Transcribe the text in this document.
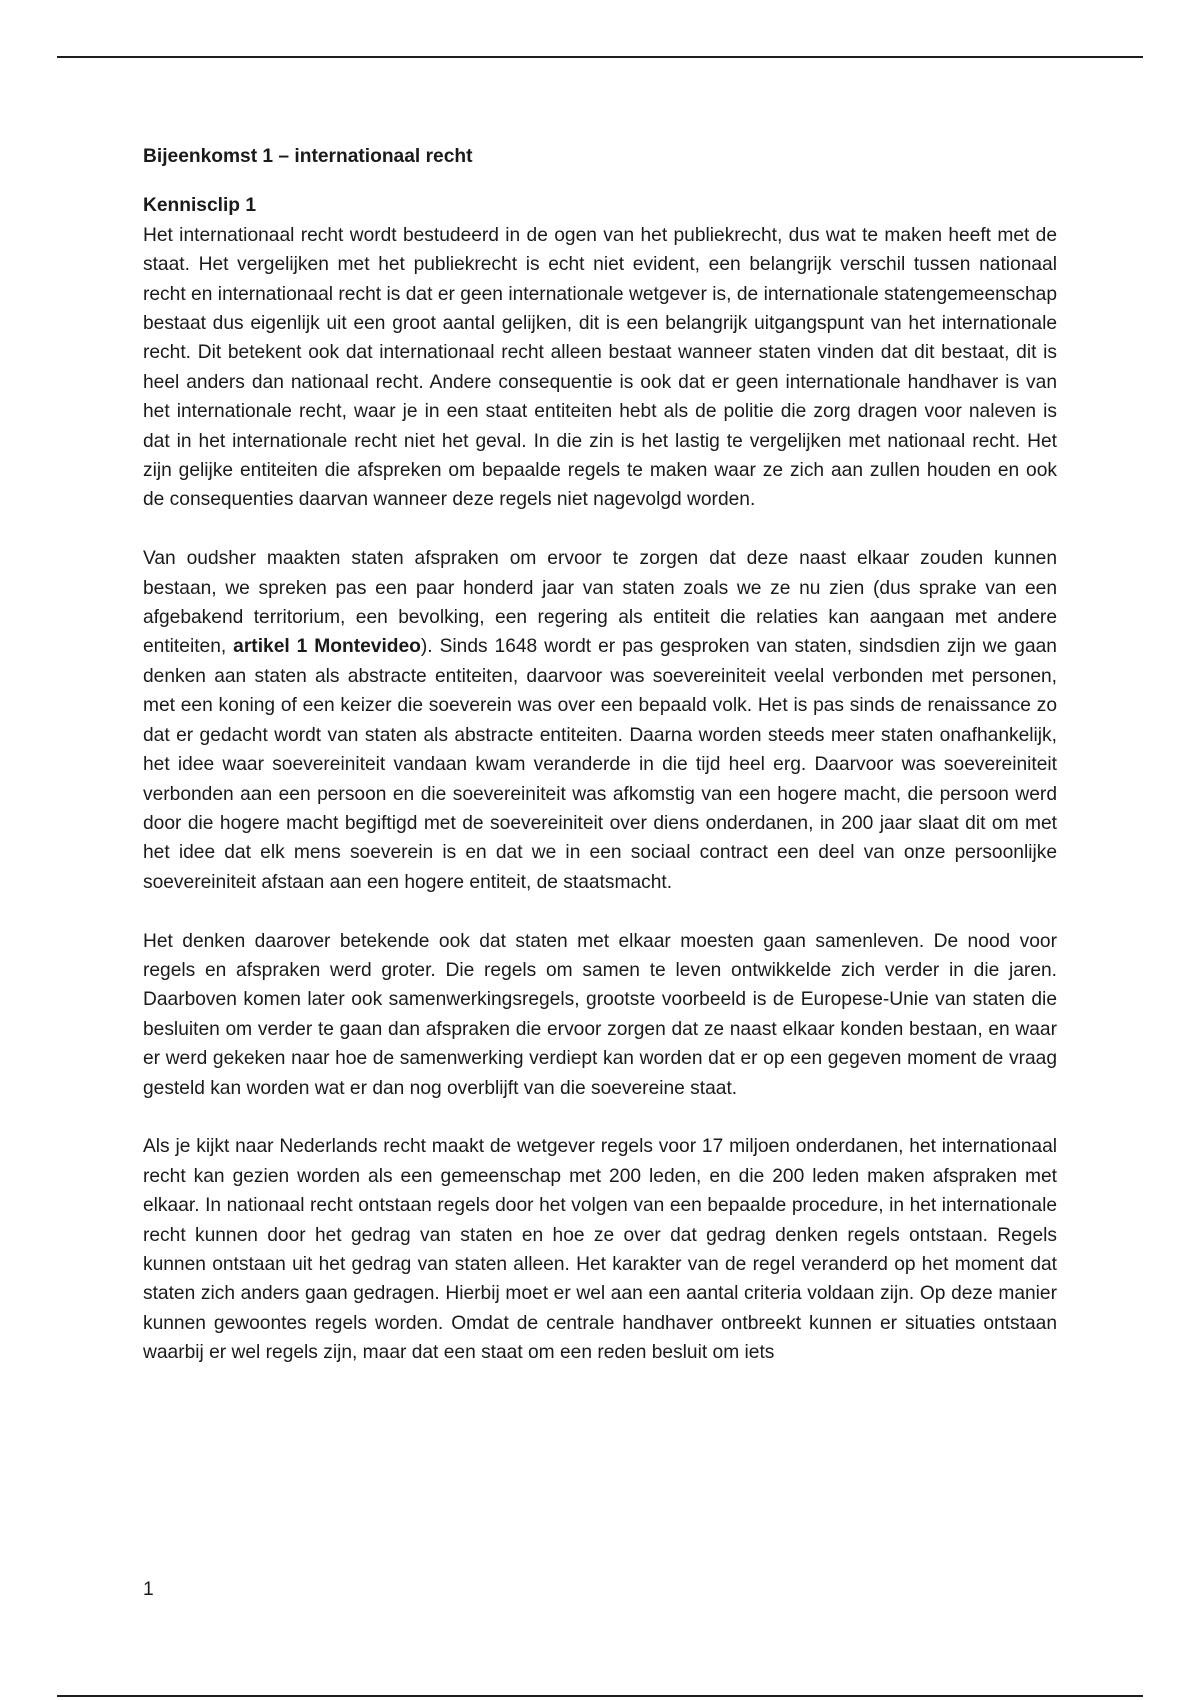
Bijeenkomst 1 – internationaal recht
Kennisclip 1

Het internationaal recht wordt bestudeerd in de ogen van het publiekrecht, dus wat te maken heeft met de staat. Het vergelijken met het publiekrecht is echt niet evident, een belangrijk verschil tussen nationaal recht en internationaal recht is dat er geen internationale wetgever is, de internationale statengemeenschap bestaat dus eigenlijk uit een groot aantal gelijken, dit is een belangrijk uitgangspunt van het internationale recht. Dit betekent ook dat internationaal recht alleen bestaat wanneer staten vinden dat dit bestaat, dit is heel anders dan nationaal recht. Andere consequentie is ook dat er geen internationale handhaver is van het internationale recht, waar je in een staat entiteiten hebt als de politie die zorg dragen voor naleven is dat in het internationale recht niet het geval. In die zin is het lastig te vergelijken met nationaal recht. Het zijn gelijke entiteiten die afspreken om bepaalde regels te maken waar ze zich aan zullen houden en ook de consequenties daarvan wanneer deze regels niet nagevolgd worden.

Van oudsher maakten staten afspraken om ervoor te zorgen dat deze naast elkaar zouden kunnen bestaan, we spreken pas een paar honderd jaar van staten zoals we ze nu zien (dus sprake van een afgebakend territorium, een bevolking, een regering als entiteit die relaties kan aangaan met andere entiteiten, artikel 1 Montevideo). Sinds 1648 wordt er pas gesproken van staten, sindsdien zijn we gaan denken aan staten als abstracte entiteiten, daarvoor was soevereiniteit veelal verbonden met personen, met een koning of een keizer die soeverein was over een bepaald volk. Het is pas sinds de renaissance zo dat er gedacht wordt van staten als abstracte entiteiten. Daarna worden steeds meer staten onafhankelijk, het idee waar soevereiniteit vandaan kwam veranderde in die tijd heel erg. Daarvoor was soevereiniteit verbonden aan een persoon en die soevereiniteit was afkomstig van een hogere macht, die persoon werd door die hogere macht begiftigd met de soevereiniteit over diens onderdanen, in 200 jaar slaat dit om met het idee dat elk mens soeverein is en dat we in een sociaal contract een deel van onze persoonlijke soevereiniteit afstaan aan een hogere entiteit, de staatsmacht.

Het denken daarover betekende ook dat staten met elkaar moesten gaan samenleven. De nood voor regels en afspraken werd groter. Die regels om samen te leven ontwikkelde zich verder in die jaren. Daarboven komen later ook samenwerkingsregels, grootste voorbeeld is de Europese-Unie van staten die besluiten om verder te gaan dan afspraken die ervoor zorgen dat ze naast elkaar konden bestaan, en waar er werd gekeken naar hoe de samenwerking verdiept kan worden dat er op een gegeven moment de vraag gesteld kan worden wat er dan nog overblijft van die soevereine staat.

Als je kijkt naar Nederlands recht maakt de wetgever regels voor 17 miljoen onderdanen, het internationaal recht kan gezien worden als een gemeenschap met 200 leden, en die 200 leden maken afspraken met elkaar. In nationaal recht ontstaan regels door het volgen van een bepaalde procedure, in het internationale recht kunnen door het gedrag van staten en hoe ze over dat gedrag denken regels ontstaan. Regels kunnen ontstaan uit het gedrag van staten alleen. Het karakter van de regel veranderd op het moment dat staten zich anders gaan gedragen. Hierbij moet er wel aan een aantal criteria voldaan zijn. Op deze manier kunnen gewoontes regels worden. Omdat de centrale handhaver ontbreekt kunnen er situaties ontstaan waarbij er wel regels zijn, maar dat een staat om een reden besluit om iets

1
